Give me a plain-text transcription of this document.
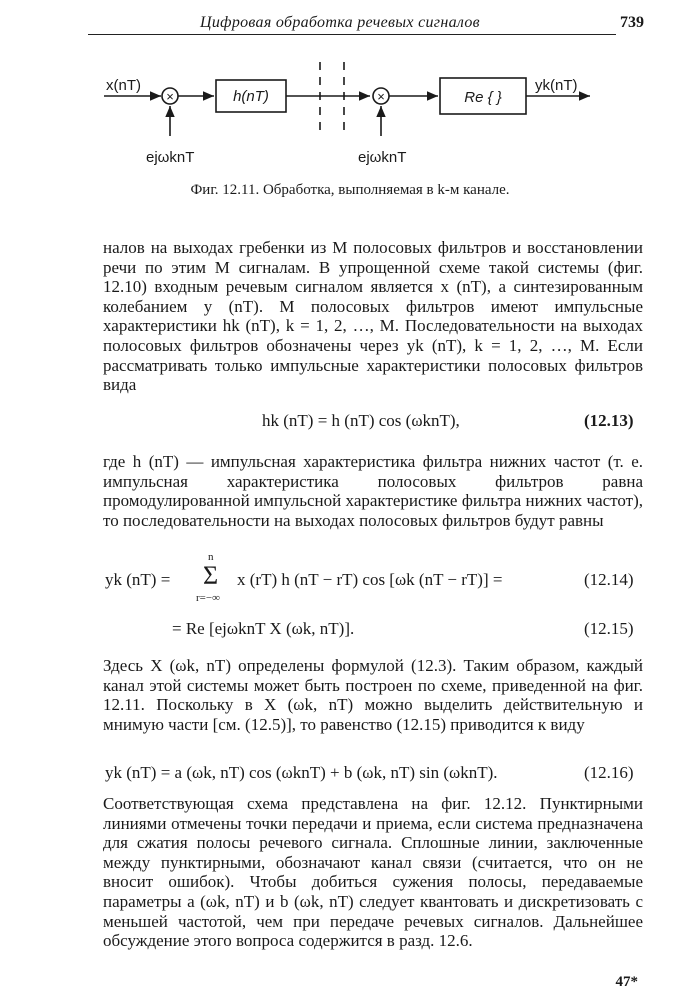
Цифровая обработка речевых сигналов	739
x(nT)
×	h(nT)	×	Re { }
yk(nT)
ejωknT	ejωknT
Фиг. 12.11. Обработка, выполняемая в k-м канале.
налов на выходах гребенки из M полосовых фильтров и восстановлении речи по этим M сигналам. В упрощенной схеме такой системы (фиг. 12.10) входным речевым сигналом является x (nT), а синтезированным колебанием y (nT). M полосовых фильтров имеют импульсные характеристики hk (nT), k = 1, 2, …, M. Последовательности на выходах полосовых фильтров обозначены через yk (nT), k = 1, 2, …, M. Если рассматривать только импульсные характеристики полосовых фильтров вида
hk (nT) = h (nT) cos (ωknT),	(12.13)
где h (nT) — импульсная характеристика фильтра нижних частот (т. е. импульсная характеристика полосовых фильтров равна промодулированной импульсной характеристике фильтра нижних частот), то последовательности на выходах полосовых фильтров будут равны
yk (nT) =
n
Σ
r=−∞
x (rT) h (nT − rT) cos [ωk (nT − rT)] =	(12.14)
= Re [ejωknT X (ωk, nT)].	(12.15)
Здесь X (ωk, nT) определены формулой (12.3). Таким образом, каждый канал этой системы может быть построен по схеме, приведенной на фиг. 12.11. Поскольку в X (ωk, nT) можно выделить действительную и мнимую части [см. (12.5)], то равенство (12.15) приводится к виду
yk (nT) = a (ωk, nT) cos (ωknT) + b (ωk, nT) sin (ωknT).	(12.16)
Соответствующая схема представлена на фиг. 12.12. Пунктирными линиями отмечены точки передачи и приема, если система предназначена для сжатия полосы речевого сигнала. Сплошные линии, заключенные между пунктирными, обозначают канал связи (считается, что он не вносит ошибок). Чтобы добиться сужения полосы, передаваемые параметры a (ωk, nT) и b (ωk, nT) следует квантовать и дискретизовать с меньшей частотой, чем при передаче речевых сигналов. Дальнейшее обсуждение этого вопроса содержится в разд. 12.6.
47*
